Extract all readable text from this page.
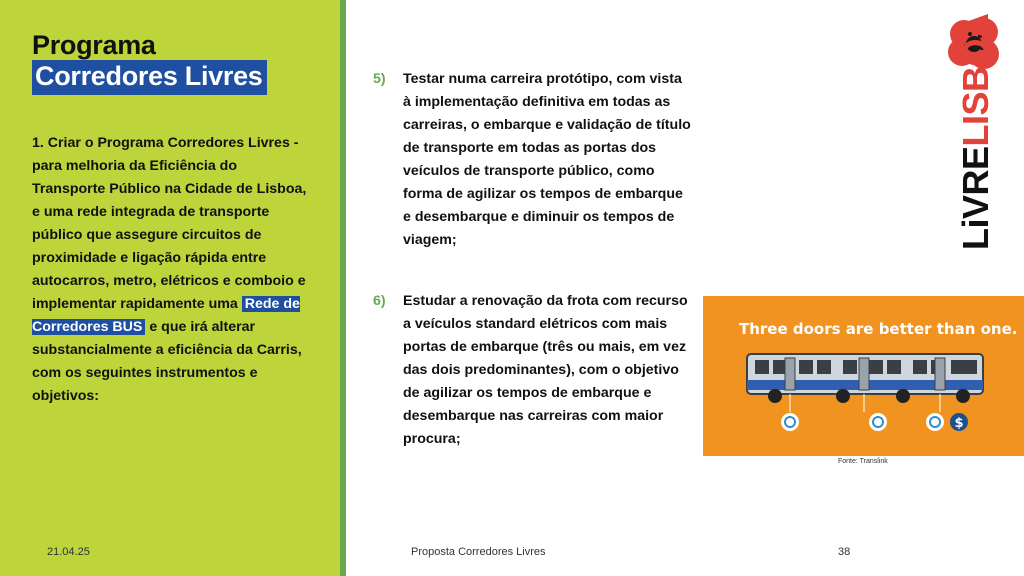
Programa
Corredores Livres
1. Criar o Programa Corredores Livres - para melhoria da Eficiência do Transporte Público na Cidade de Lisboa, e uma rede integrada de transporte público que assegure circuitos de proximidade e ligação rápida entre autocarros, metro, elétricos e comboio e implementar rapidamente uma Rede de Corredores BUS e que irá alterar substancialmente a eficiência da Carris, com os seguintes instrumentos e objetivos:
5) Testar numa carreira protótipo, com vista à implementação definitiva em todas as carreiras, o embarque e validação de título de transporte em todas as portas dos veículos de transporte público, como forma de agilizar os tempos de embarque e desembarque e diminuir os tempos de viagem;
6) Estudar a renovação da frota com recurso a veículos standard elétricos com mais portas de embarque (três ou mais, em vez das dois predominantes), com o objetivo de agilizar os tempos de embarque e desembarque nas carreiras com maior procura;
LiVRELISBOA
Three doors are better than one.
$
Fonte: Translink
21.04.25	Proposta Corredores Livres	38
